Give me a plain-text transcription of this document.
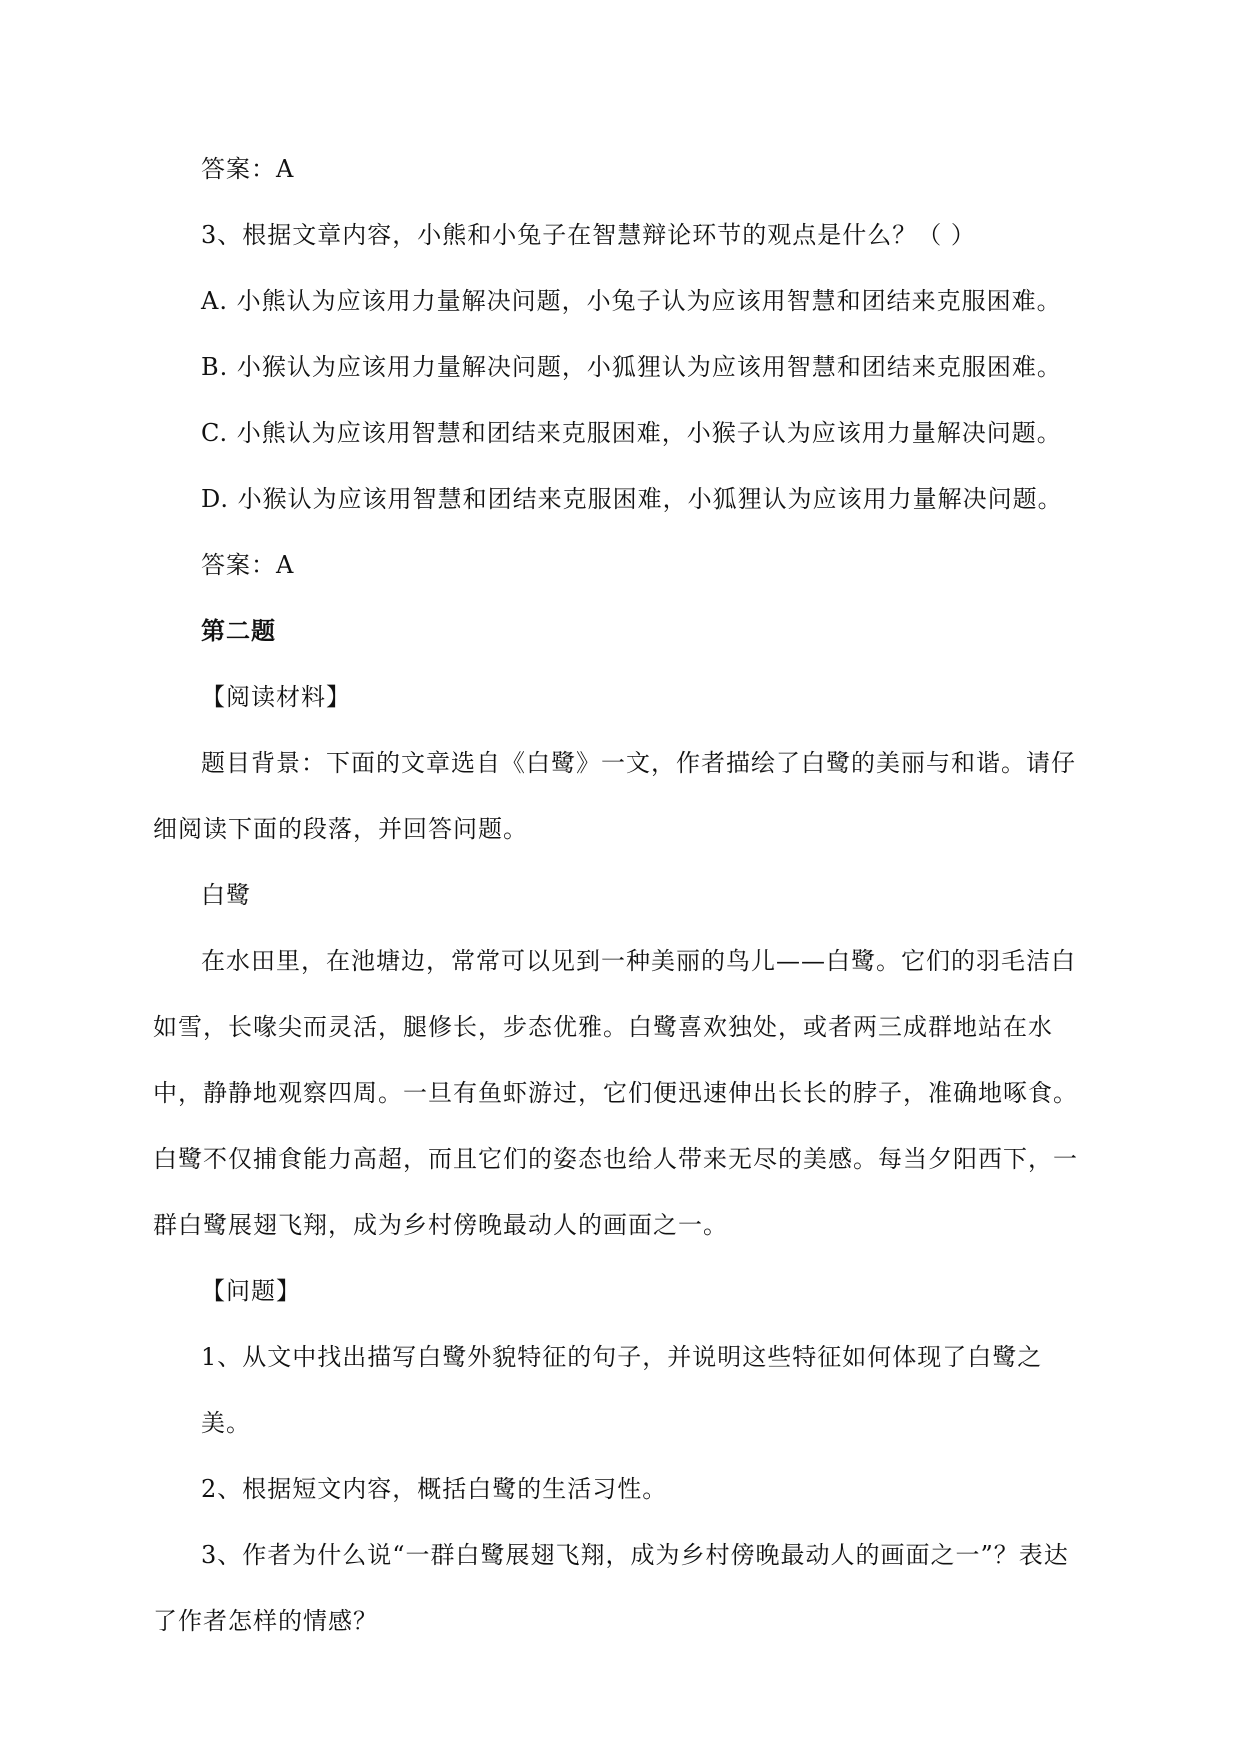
答案：A

3、根据文章内容，小熊和小兔子在智慧辩论环节的观点是什么？（ ）

A. 小熊认为应该用力量解决问题，小兔子认为应该用智慧和团结来克服困难。

B. 小猴认为应该用力量解决问题，小狐狸认为应该用智慧和团结来克服困难。

C. 小熊认为应该用智慧和团结来克服困难，小猴子认为应该用力量解决问题。

D. 小猴认为应该用智慧和团结来克服困难，小狐狸认为应该用力量解决问题。

答案：A

第二题

【阅读材料】

题目背景：下面的文章选自《白鹭》一文，作者描绘了白鹭的美丽与和谐。请仔细阅读下面的段落，并回答问题。

白鹭

在水田里，在池塘边，常常可以见到一种美丽的鸟儿——白鹭。它们的羽毛洁白如雪，长喙尖而灵活，腿修长，步态优雅。白鹭喜欢独处，或者两三成群地站在水中，静静地观察四周。一旦有鱼虾游过，它们便迅速伸出长长的脖子，准确地啄食。白鹭不仅捕食能力高超，而且它们的姿态也给人带来无尽的美感。每当夕阳西下，一群白鹭展翅飞翔，成为乡村傍晚最动人的画面之一。

【问题】

1、从文中找出描写白鹭外貌特征的句子，并说明这些特征如何体现了白鹭之美。

2、根据短文内容，概括白鹭的生活习性。

3、作者为什么说“一群白鹭展翅飞翔，成为乡村傍晚最动人的画面之一”？表达了作者怎样的情感？
